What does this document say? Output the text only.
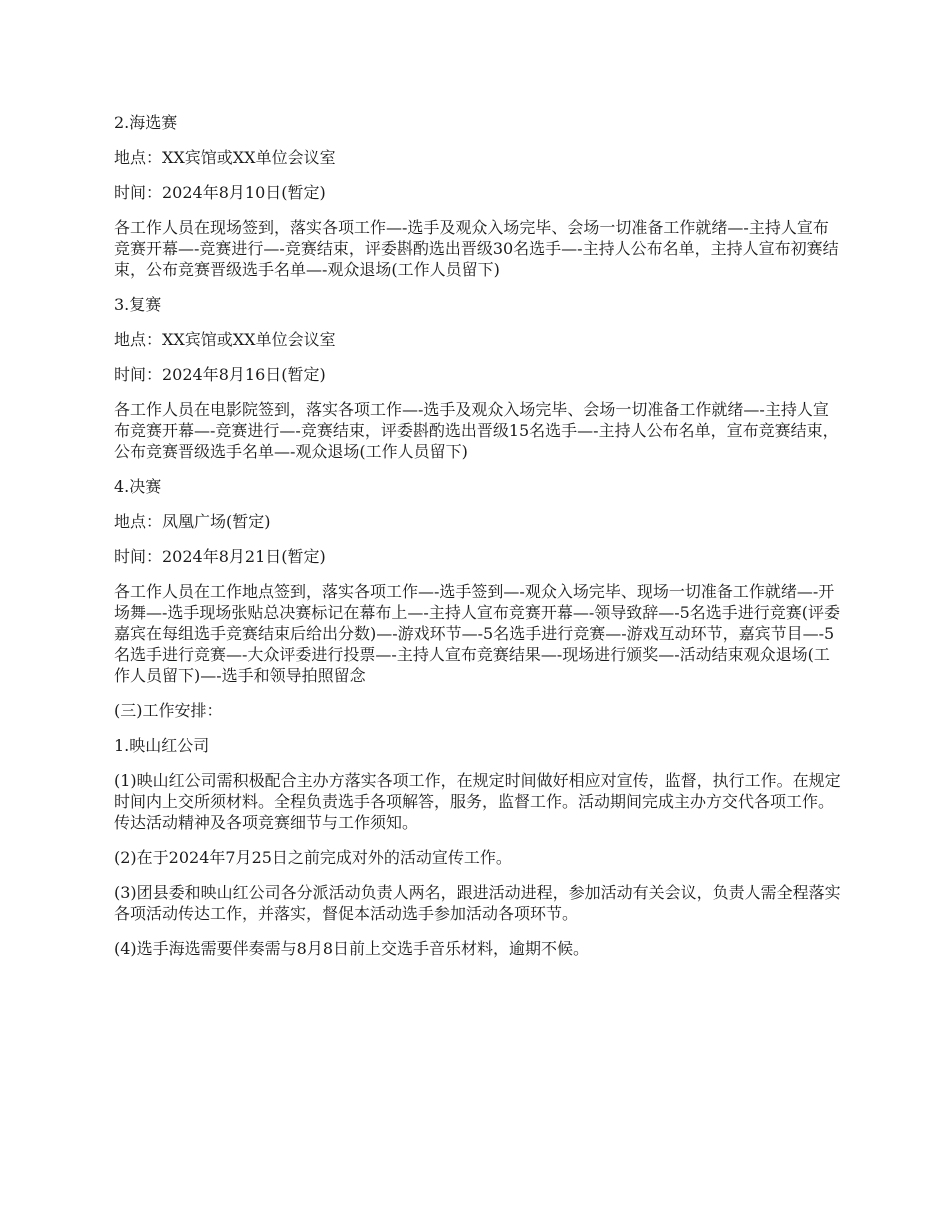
2.海选赛

地点：XX宾馆或XX单位会议室

时间：2024年8月10日(暂定)

各工作人员在现场签到，落实各项工作—-选手及观众入场完毕、会场一切准备工作就绪—-主持人宣布竞赛开幕—-竞赛进行—-竞赛结束，评委斟酌选出晋级30名选手—-主持人公布名单，主持人宣布初赛结束，公布竞赛晋级选手名单—-观众退场(工作人员留下)

3.复赛

地点：XX宾馆或XX单位会议室

时间：2024年8月16日(暂定)

各工作人员在电影院签到，落实各项工作—-选手及观众入场完毕、会场一切准备工作就绪—-主持人宣布竞赛开幕—-竞赛进行—-竞赛结束，评委斟酌选出晋级15名选手—-主持人公布名单，宣布竞赛结束，公布竞赛晋级选手名单—-观众退场(工作人员留下)

4.决赛

地点：凤凰广场(暂定)

时间：2024年8月21日(暂定)

各工作人员在工作地点签到，落实各项工作—-选手签到—-观众入场完毕、现场一切准备工作就绪—-开场舞—-选手现场张贴总决赛标记在幕布上—-主持人宣布竞赛开幕—-领导致辞—-5名选手进行竞赛(评委嘉宾在每组选手竞赛结束后给出分数)—-游戏环节—-5名选手进行竞赛—-游戏互动环节，嘉宾节目—-5名选手进行竞赛—-大众评委进行投票—-主持人宣布竞赛结果—-现场进行颁奖—-活动结束观众退场(工作人员留下)—-选手和领导拍照留念

(三)工作安排：

1.映山红公司

(1)映山红公司需积极配合主办方落实各项工作，在规定时间做好相应对宣传，监督，执行工作。在规定时间内上交所须材料。全程负责选手各项解答，服务，监督工作。活动期间完成主办方交代各项工作。传达活动精神及各项竞赛细节与工作须知。

(2)在于2024年7月25日之前完成对外的活动宣传工作。

(3)团县委和映山红公司各分派活动负责人两名，跟进活动进程，参加活动有关会议，负责人需全程落实各项活动传达工作，并落实，督促本活动选手参加活动各项环节。

(4)选手海选需要伴奏需与8月8日前上交选手音乐材料，逾期不候。
